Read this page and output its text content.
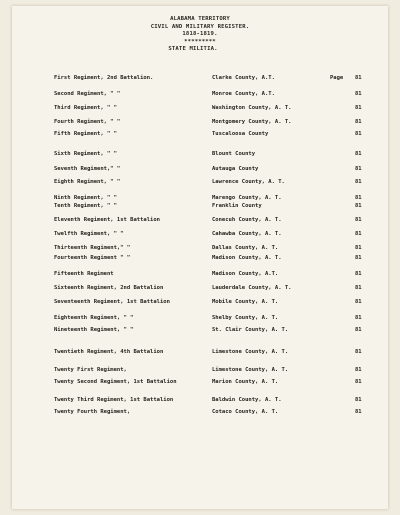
ALABAMA TERRITORY
CIVIL AND MILITARY REGISTER.
1818-1819.
*********
STATE MILITIA.
First Regiment, 2nd Battalion.	Clarke County, A.T.	Page 81
Second Regiment, " "	Monroe County, A.T.	81
Third Regiment, " "	Washington County, A. T.	81
Fourth Regiment, " "	Montgomery County, A. T.	81
Fifth Regiment, " "	Tuscaloosa County	81
Sixth Regiment, " "	Blount County	81
Seventh Regiment," "	Autauga County	81
Eighth Regiment, " "	Lawrence County, A. T.	81
Ninth Regiment, " "	Marengo County, A. T.	81
Tenth Regiment, " "	Franklin County	81
Eleventh Regiment, 1st Battalion	Conecuh County, A. T.	81
Twelfth Regiment, " "	Cahawba County, A. T.	81
Thirteenth Regiment," "	Dallas County, A. T.	81
Fourteenth Regiment " "	Madison County, A. T.	81
Fifteenth Regiment	Madison County, A.T.	81
Sixteenth Regiment, 2nd Battalion	Lauderdale County, A. T.	81
Seventeenth Regiment, 1st Battalion	Mobile County, A. T.	81
Eighteenth Regiment, " "	Shelby County, A. T.	81
Nineteenth Regiment, " "	St. Clair County, A. T.	81
Twentieth Regiment, 4th Battalion	Limestone County, A. T.	81
Twenty First Regiment,	Limestone County, A. T.	81
Twenty Second Regiment, 1st Battalion	Marion County, A. T.	81
Twenty Third Regiment, 1st Battalion	Baldwin County, A. T.	81
Twenty Fourth Regiment,	Cotaco County, A. T.	81
